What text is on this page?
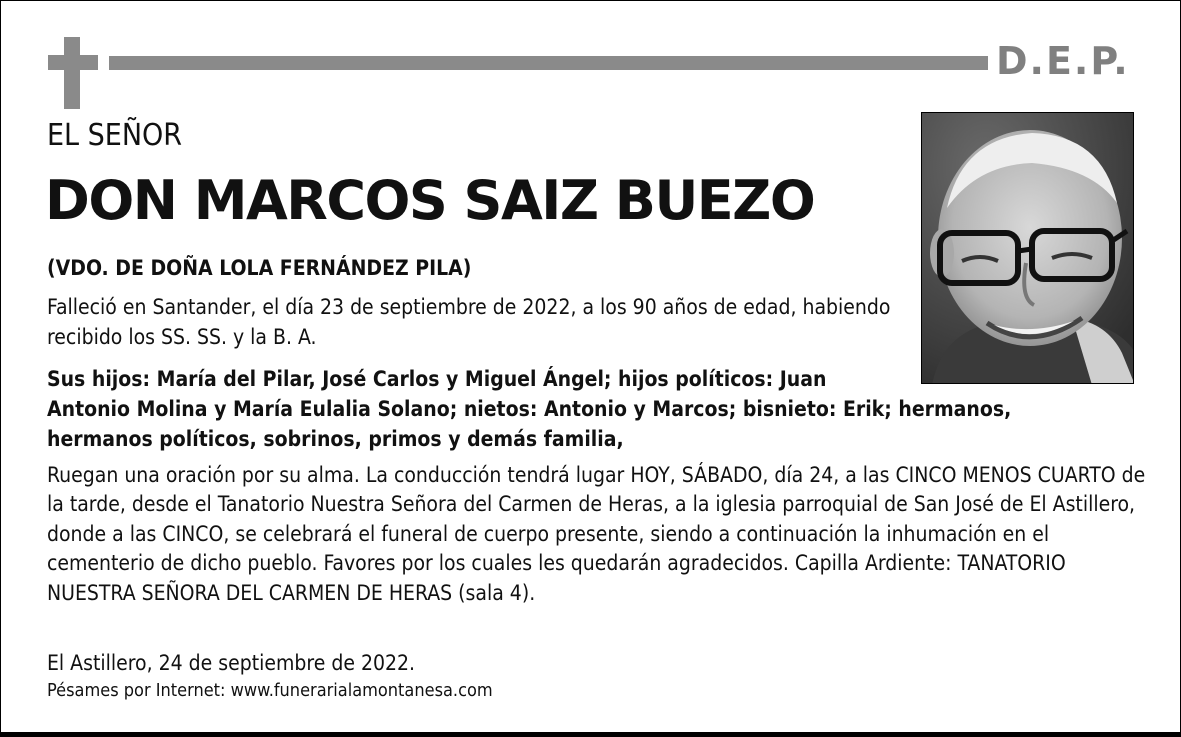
D.E.P.
EL SEÑOR
DON MARCOS SAIZ BUEZO
(VDO. DE DOÑA LOLA FERNÁNDEZ PILA)
Falleció en Santander, el día 23 de septiembre de 2022, a los 90 años de edad, habiendo recibido los SS. SS. y la B. A.
Sus hijos: María del Pilar, José Carlos y Miguel Ángel; hijos políticos: Juan
Antonio Molina y María Eulalia Solano; nietos: Antonio y Marcos; bisnieto: Erik; hermanos, hermanos políticos, sobrinos, primos y demás familia,
Ruegan una oración por su alma. La conducción tendrá lugar HOY, SÁBADO, día 24, a las CINCO MENOS CUARTO de la tarde, desde el Tanatorio Nuestra Señora del Carmen de Heras, a la iglesia parroquial de San José de El Astillero, donde a las CINCO, se celebrará el funeral de cuerpo presente, siendo a continuación la inhumación en el cementerio de dicho pueblo. Favores por los cuales les quedarán agradecidos. Capilla Ardiente: TANATORIO NUESTRA SEÑORA DEL CARMEN DE HERAS (sala 4).
El Astillero, 24 de septiembre de 2022.
Pésames por Internet: www.funerarialamontanesa.com
